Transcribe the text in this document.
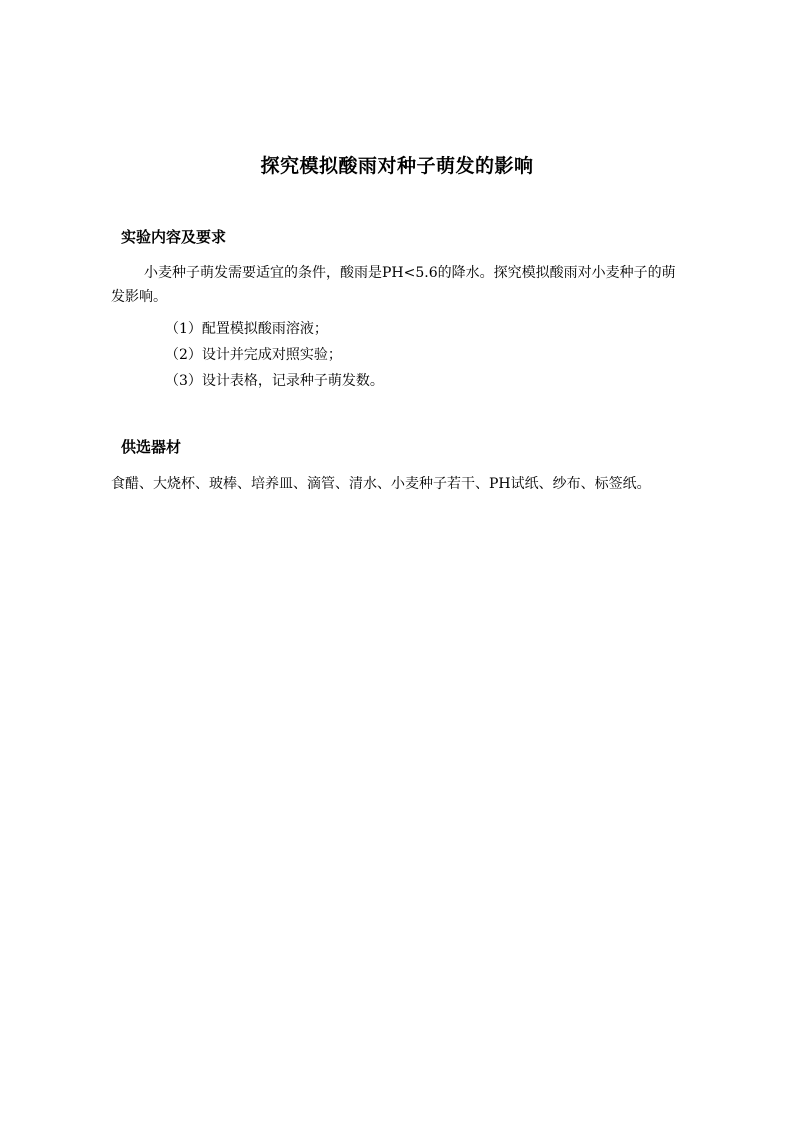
探究模拟酸雨对种子萌发的影响
实验内容及要求
小麦种子萌发需要适宜的条件，酸雨是PH<5.6的降水。探究模拟酸雨对小麦种子的萌发影响。
（1）配置模拟酸雨溶液；
（2）设计并完成对照实验；
（3）设计表格，记录种子萌发数。
供选器材
食醋、大烧杯、玻棒、培养皿、滴管、清水、小麦种子若干、PH试纸、纱布、标签纸。
